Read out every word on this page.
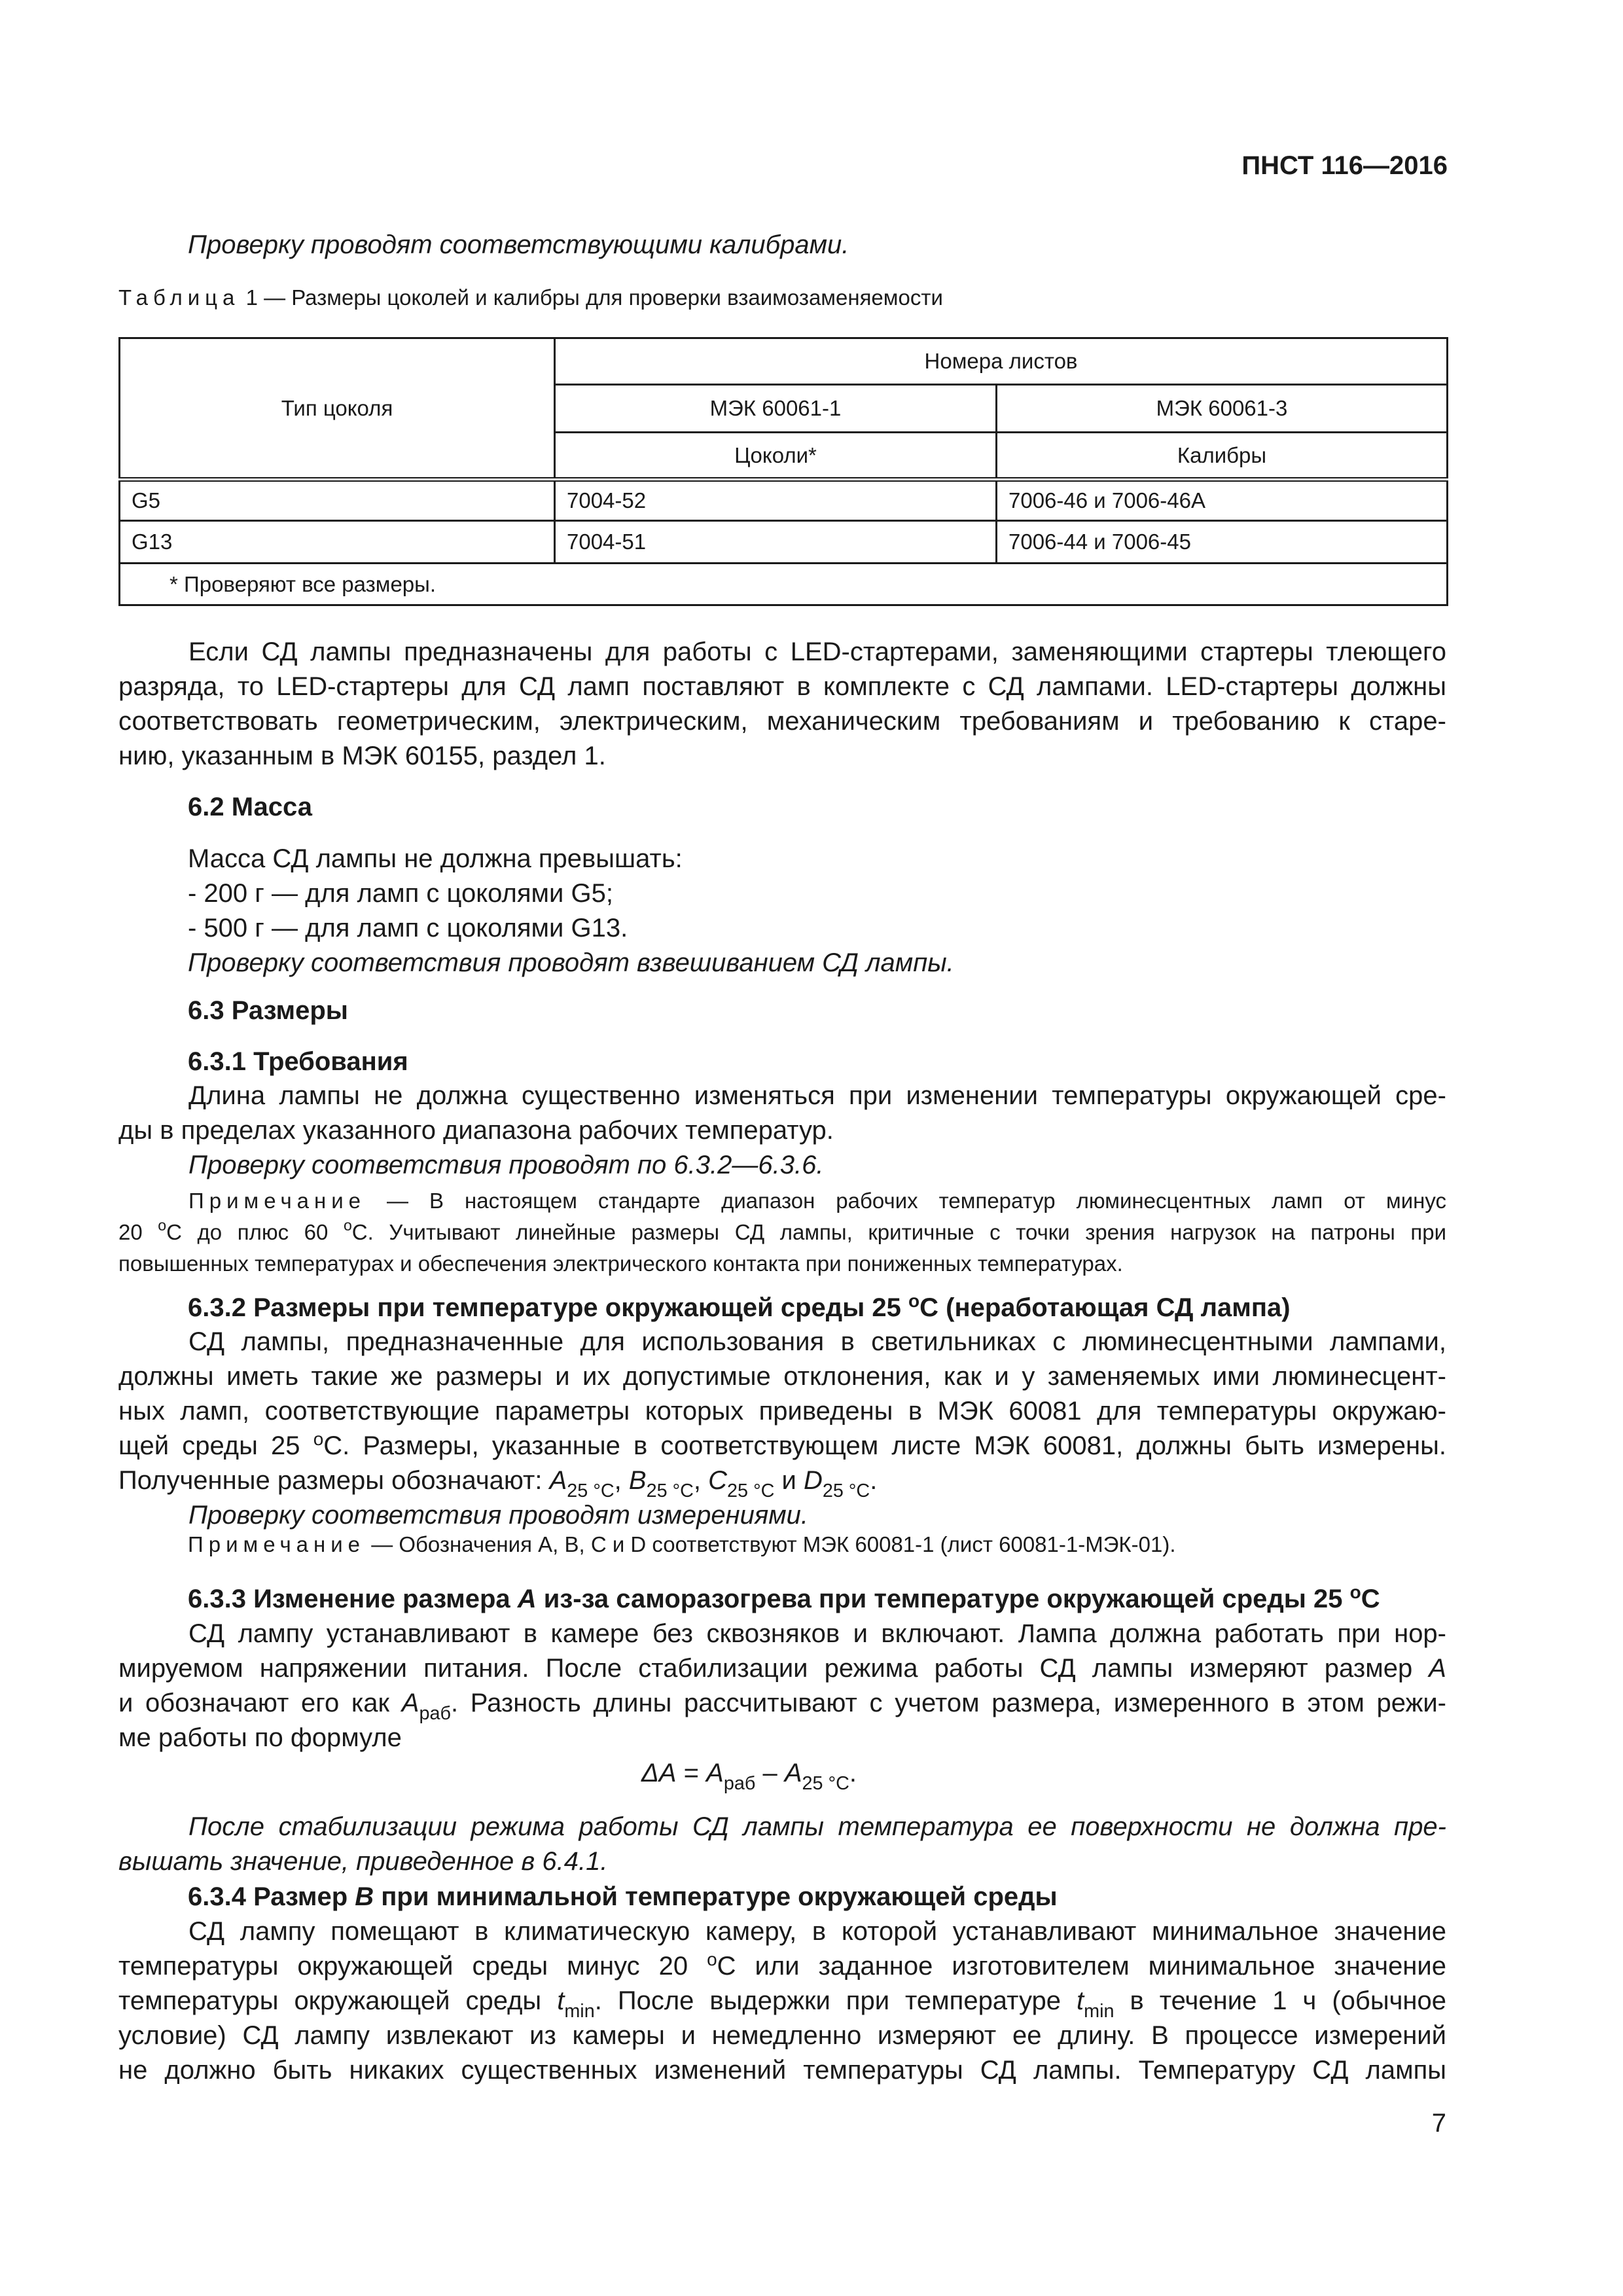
ПНСТ 116—2016
Проверку проводят соответствующими калибрами.
Таблица 1 — Размеры цоколей и калибры для проверки взаимозаменяемости
Тип цоколя	Номера листов	
	МЭК 60061-1	МЭК 60061-3
	Цоколи*	Калибры
G5	7004-52	7006-46 и 7006-46А
G13	7004-51	7006-44 и 7006-45
* Проверяют все размеры.		
Если СД лампы предназначены для работы с LED-стартерами, заменяющими стартеры тлеющего
разряда, то LED-стартеры для СД ламп поставляют в комплекте с СД лампами. LED-стартеры должны
соответствовать геометрическим, электрическим, механическим требованиям и требованию к старе-
нию, указанным в МЭК 60155, раздел 1.
6.2 Масса
Масса СД лампы не должна превышать:
- 200 г — для ламп с цоколями G5;
- 500 г — для ламп с цоколями G13.
Проверку соответствия проводят взвешиванием СД лампы.
6.3 Размеры
6.3.1 Требования
Длина лампы не должна существенно изменяться при изменении температуры окружающей сре-
ды в пределах указанного диапазона рабочих температур.
Проверку соответствия проводят по 6.3.2—6.3.6.
Примечание — В настоящем стандарте диапазон рабочих температур люминесцентных ламп от минус
20 $^о$С до плюс 60 $^о$С. Учитывают линейные размеры СД лампы, критичные с точки зрения нагрузок на патроны при
повышенных температурах и обеспечения электрического контакта при пониженных температурах.
6.3.2 Размеры при температуре окружающей среды 25 $^о$С (неработающая СД лампа)
СД лампы, предназначенные для использования в светильниках с люминесцентными лампами,
должны иметь такие же размеры и их допустимые отклонения, как и у заменяемых ими люминесцент-
ных ламп, соответствующие параметры которых приведены в МЭК 60081 для температуры окружаю-
щей среды 25 $^о$С. Размеры, указанные в соответствующем листе МЭК 60081, должны быть измерены.
Полученные размеры обозначают: $A_{25 ^\circ С}$, $B_{25 ^\circ С}$, $C_{25 ^\circ С}$ и $D_{25 ^\circ С}$.
Проверку соответствия проводят измерениями.
Примечание — Обозначения A, B, C и D соответствуют МЭК 60081-1 (лист 60081-1-МЭК-01).
6.3.3 Изменение размера А из-за саморазогрева при температуре окружающей среды 25 $^о$С
СД лампу устанавливают в камере без сквозняков и включают. Лампа должна работать при нор-
мируемом напряжении питания. После стабилизации режима работы СД лампы измеряют размер А
и обозначают его как $А_{раб}$. Разность длины рассчитывают с учетом размера, измеренного в этом режи-
ме работы по формуле
$\Delta A = A_{раб} - A_{25 ^\circ С}$.
После стабилизации режима работы СД лампы температура ее поверхности не должна пре-
вышать значение, приведенное в 6.4.1.
6.3.4 Размер В при минимальной температуре окружающей среды
СД лампу помещают в климатическую камеру, в которой устанавливают минимальное значение
температуры окружающей среды минус 20 $^о$С или заданное изготовителем минимальное значение
температуры окружающей среды $t_{min}$. После выдержки при температуре $t_{min}$ в течение 1 ч (обычное
условие) СД лампу извлекают из камеры и немедленно измеряют ее длину. В процессе измерений
не должно быть никаких существенных изменений температуры СД лампы. Температуру СД лампы
7
